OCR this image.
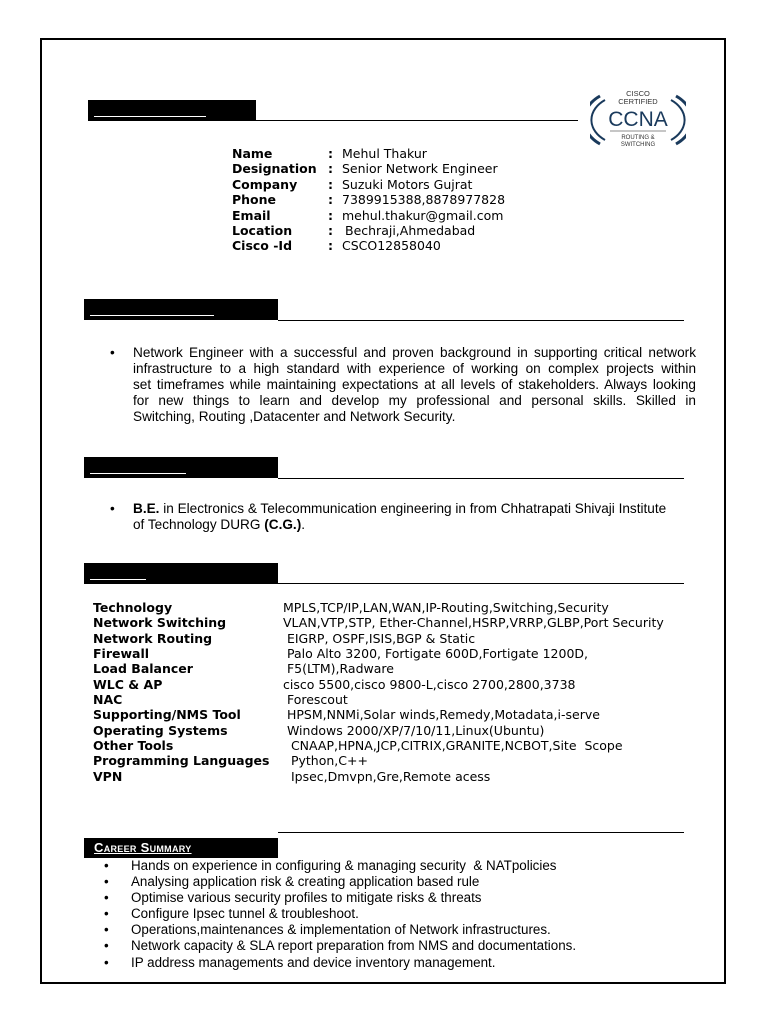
CISCO
CERTIFIED
CCNA
ROUTING &
SWITCHING
Name	: Mehul Thakur
Designation : Senior Network Engineer
Company	: Suzuki Motors Gujrat
Phone	: 7389915388,8878977828
Email	: mehul.thakur@gmail.com
Location	: Bechraji,Ahmedabad
Cisco -Id	: CSCO12858040
• Network Engineer with a successful and proven background in supporting critical network
infrastructure to a high standard with experience of working on complex projects within
set timeframes while maintaining expectations at all levels of stakeholders. Always looking
for new things to learn and develop my professional and personal skills. Skilled in
Switching, Routing ,Datacenter and Network Security.
• B.E. in Electronics & Telecommunication engineering in from Chhatrapati Shivaji Institute
of Technology DURG (C.G.).
Technology	MPLS,TCP/IP,LAN,WAN,IP-Routing,Switching,Security
Network Switching	VLAN,VTP,STP, Ether-Channel,HSRP,VRRP,GLBP,Port Security
Network Routing	EIGRP, OSPF,ISIS,BGP & Static
Firewall	Palo Alto 3200, Fortigate 600D,Fortigate 1200D,
Load Balancer	F5(LTM),Radware
WLC & AP	cisco 5500,cisco 9800-L,cisco 2700,2800,3738
NAC	Forescout
Supporting/NMS Tool	HPSM,NNMi,Solar winds,Remedy,Motadata,i-serve
Operating Systems	Windows 2000/XP/7/10/11,Linux(Ubuntu)
Other Tools	CNAAP,HPNA,JCP,CITRIX,GRANITE,NCBOT,Site  Scope
Programming Languages	Python,C++
VPN	Ipsec,Dmvpn,Gre,Remote acess
Career Summary
•	Hands on experience in configuring & managing security  & NATpolicies
•	Analysing application risk & creating application based rule
•	Optimise various security profiles to mitigate risks & threats
•	Configure Ipsec tunnel & troubleshoot.
•	Operations,maintenances & implementation of Network infrastructures.
•	Network capacity & SLA report preparation from NMS and documentations.
•	IP address managements and device inventory management.
